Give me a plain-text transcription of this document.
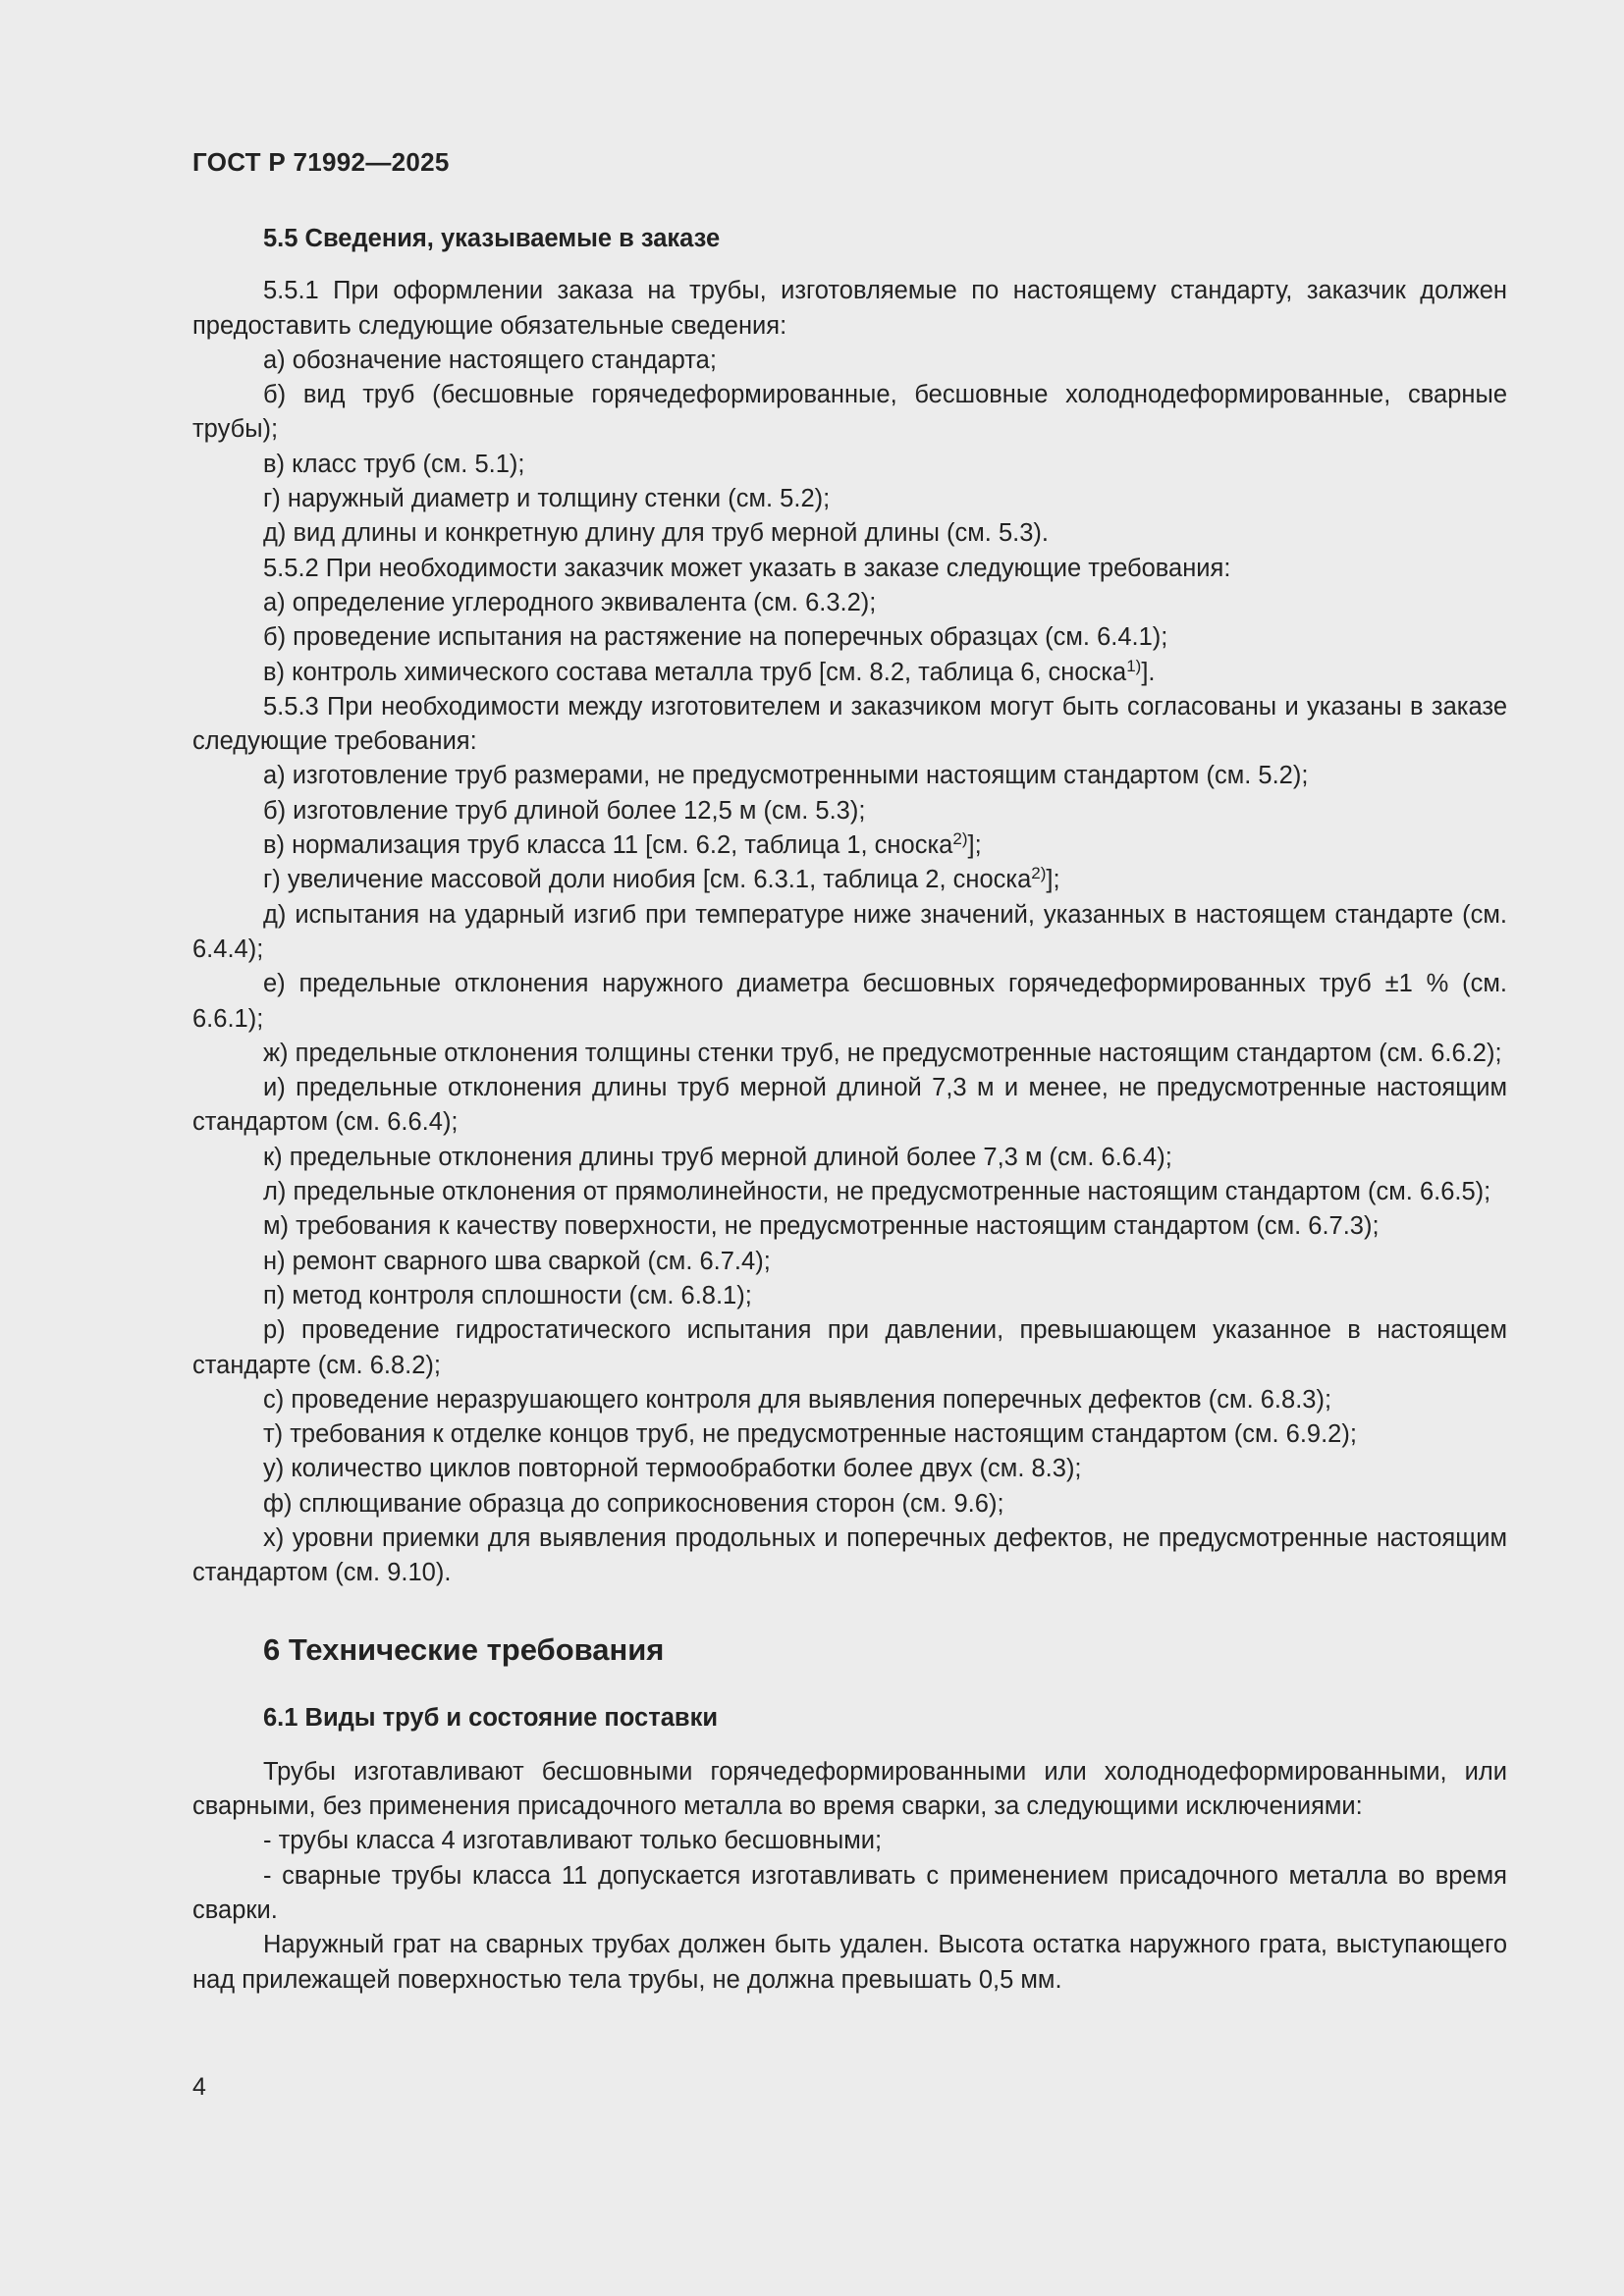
ГОСТ Р 71992—2025

5.5 Сведения, указываемые в заказе

5.5.1 При оформлении заказа на трубы, изготовляемые по настоящему стандарту, заказчик должен предоставить следующие обязательные сведения:

а) обозначение настоящего стандарта;

б) вид труб (бесшовные горячедеформированные, бесшовные холоднодеформированные, сварные трубы);

в) класс труб (см. 5.1);

г) наружный диаметр и толщину стенки (см. 5.2);

д) вид длины и конкретную длину для труб мерной длины (см. 5.3).

5.5.2 При необходимости заказчик может указать в заказе следующие требования:

а) определение углеродного эквивалента (см. 6.3.2);

б) проведение испытания на растяжение на поперечных образцах (см. 6.4.1);

в) контроль химического состава металла труб [см. 8.2, таблица 6, сноска$^{1)}$].

5.5.3 При необходимости между изготовителем и заказчиком могут быть согласованы и указаны в заказе следующие требования:

а) изготовление труб размерами, не предусмотренными настоящим стандартом (см. 5.2);

б) изготовление труб длиной более 12,5 м (см. 5.3);

в) нормализация труб класса 11 [см. 6.2, таблица 1, сноска$^{2)}$];

г) увеличение массовой доли ниобия [см. 6.3.1, таблица 2, сноска$^{2)}$];

д) испытания на ударный изгиб при температуре ниже значений, указанных в настоящем стандарте (см. 6.4.4);

е) предельные отклонения наружного диаметра бесшовных горячедеформированных труб ±1 % (см. 6.6.1);

ж) предельные отклонения толщины стенки труб, не предусмотренные настоящим стандартом (см. 6.6.2);

и) предельные отклонения длины труб мерной длиной 7,3 м и менее, не предусмотренные настоящим стандартом (см. 6.6.4);

к) предельные отклонения длины труб мерной длиной более 7,3 м (см. 6.6.4);

л) предельные отклонения от прямолинейности, не предусмотренные настоящим стандартом (см. 6.6.5);

м) требования к качеству поверхности, не предусмотренные настоящим стандартом (см. 6.7.3);

н) ремонт сварного шва сваркой (см. 6.7.4);

п) метод контроля сплошности (см. 6.8.1);

р) проведение гидростатического испытания при давлении, превышающем указанное в настоящем стандарте (см. 6.8.2);

с) проведение неразрушающего контроля для выявления поперечных дефектов (см. 6.8.3);

т) требования к отделке концов труб, не предусмотренные настоящим стандартом (см. 6.9.2);

у) количество циклов повторной термообработки более двух (см. 8.3);

ф) сплющивание образца до соприкосновения сторон (см. 9.6);

х) уровни приемки для выявления продольных и поперечных дефектов, не предусмотренные настоящим стандартом (см. 9.10).

6 Технические требования

6.1 Виды труб и состояние поставки

Трубы изготавливают бесшовными горячедеформированными или холоднодеформированными, или сварными, без применения присадочного металла во время сварки, за следующими исключениями:

- трубы класса 4 изготавливают только бесшовными;

- сварные трубы класса 11 допускается изготавливать с применением присадочного металла во время сварки.

Наружный грат на сварных трубах должен быть удален. Высота остатка наружного грата, выступающего над прилежащей поверхностью тела трубы, не должна превышать 0,5 мм.

4
